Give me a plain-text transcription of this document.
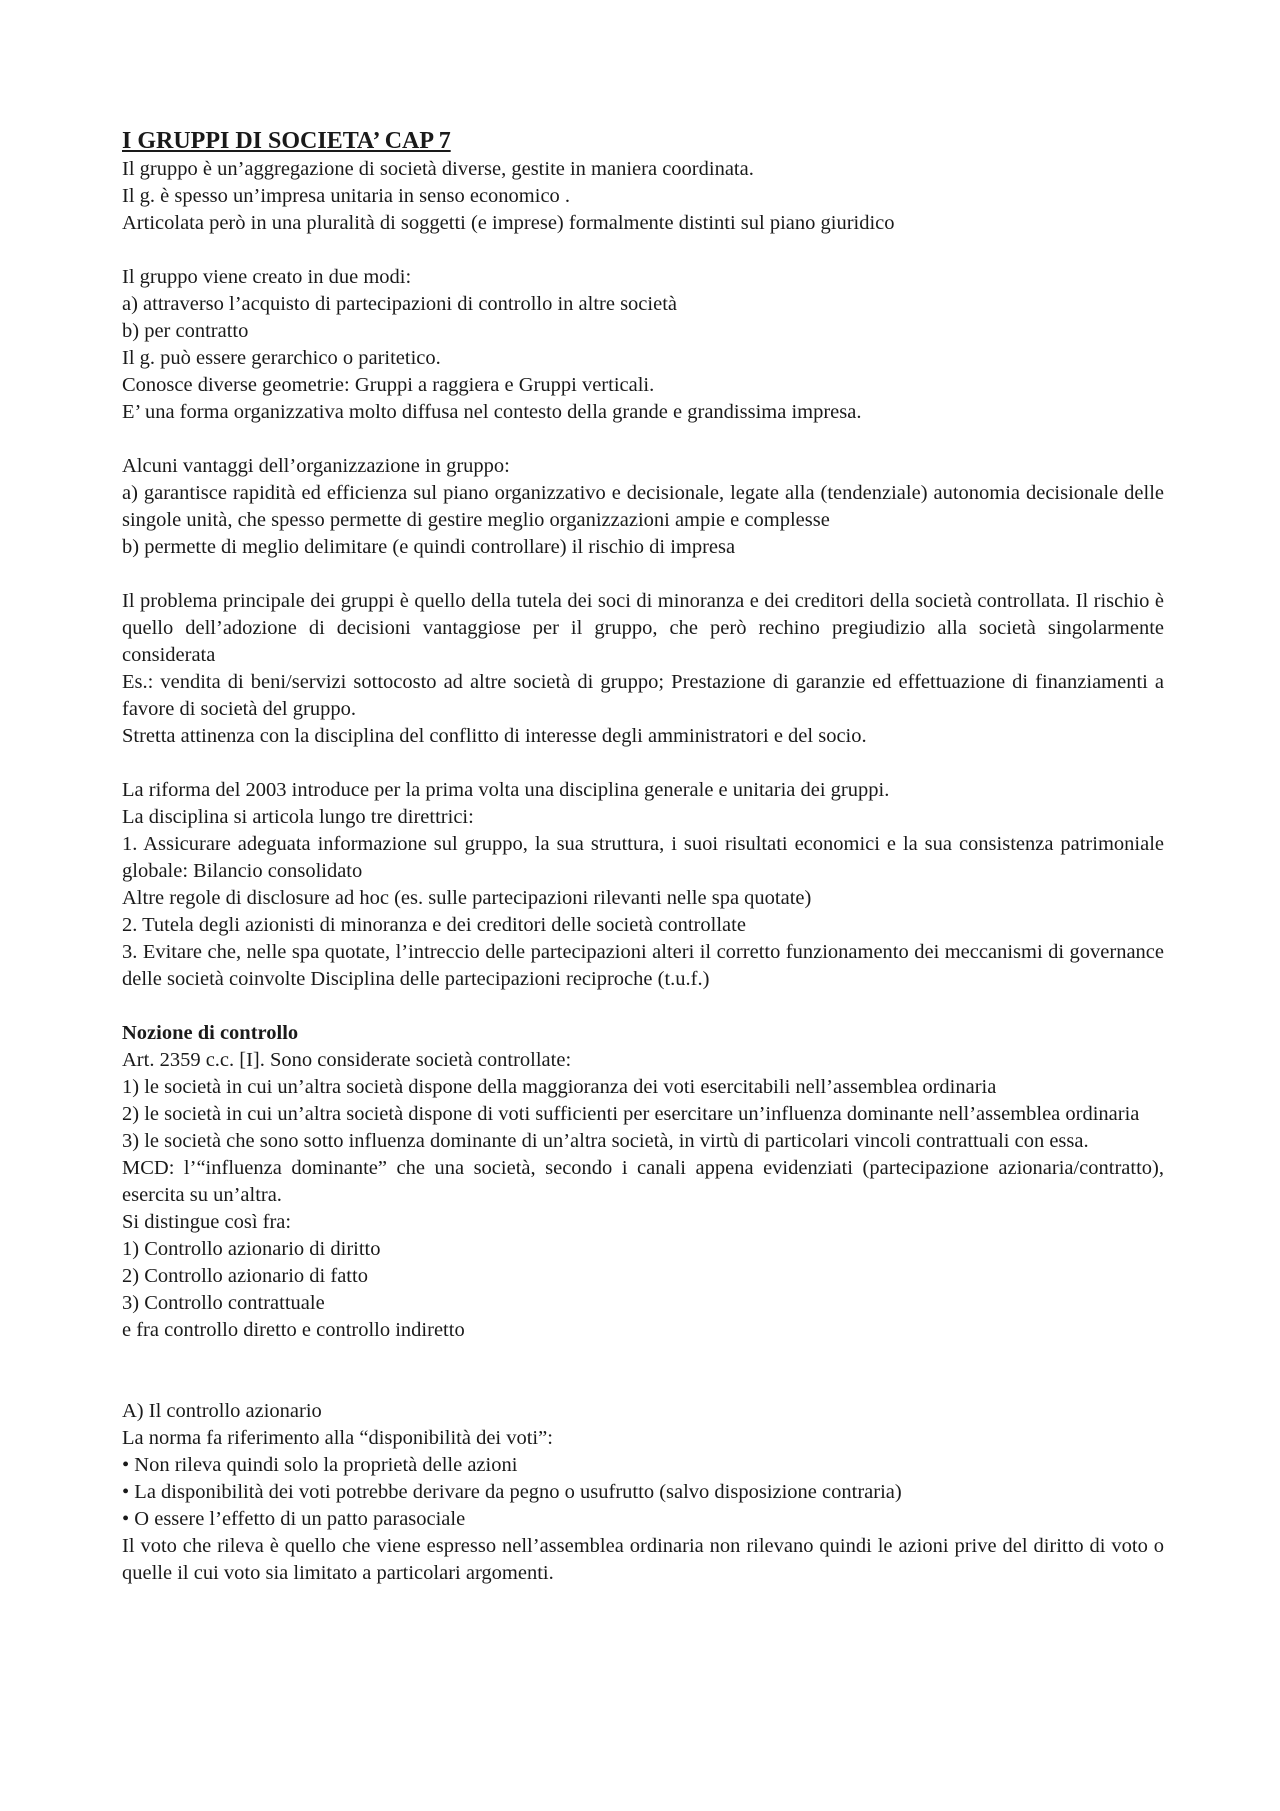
I GRUPPI DI SOCIETA’ CAP 7

Il gruppo è un’aggregazione di società diverse, gestite in maniera coordinata.

Il g. è spesso un’impresa unitaria in senso economico .

Articolata però in una pluralità di soggetti (e imprese) formalmente distinti sul piano giuridico

Il gruppo viene creato in due modi:

a) attraverso l’acquisto di partecipazioni di controllo in altre società

b) per contratto

Il g. può essere gerarchico o paritetico.

Conosce diverse geometrie: Gruppi a raggiera e Gruppi verticali.

E’ una forma organizzativa molto diffusa nel contesto della grande e grandissima impresa.

Alcuni vantaggi dell’organizzazione in gruppo:

a) garantisce rapidità ed efficienza sul piano organizzativo e decisionale, legate alla (tendenziale) autonomia decisionale delle singole unità, che spesso permette di gestire meglio organizzazioni ampie e complesse

b) permette di meglio delimitare (e quindi controllare) il rischio di impresa

Il problema principale dei gruppi è quello della tutela dei soci di minoranza e dei creditori della società controllata. Il rischio è quello dell’adozione di decisioni vantaggiose per il gruppo, che però rechino pregiudizio alla società singolarmente considerata

Es.: vendita di beni/servizi sottocosto ad altre società di gruppo; Prestazione di garanzie ed effettuazione di finanziamenti a favore di società del gruppo.

Stretta attinenza con la disciplina del conflitto di interesse degli amministratori e del socio.

La riforma del 2003 introduce per la prima volta una disciplina generale e unitaria dei gruppi.

La disciplina si articola lungo tre direttrici:

1. Assicurare adeguata informazione sul gruppo, la sua struttura, i suoi risultati economici e la sua consistenza patrimoniale globale: Bilancio consolidato

Altre regole di disclosure ad hoc (es. sulle partecipazioni rilevanti nelle spa quotate)

2. Tutela degli azionisti di minoranza e dei creditori delle società controllate

3. Evitare che, nelle spa quotate, l’intreccio delle partecipazioni alteri il corretto funzionamento dei meccanismi di governance delle società coinvolte Disciplina delle partecipazioni reciproche (t.u.f.)

Nozione di controllo

Art. 2359 c.c. [I]. Sono considerate società controllate:

1) le società in cui un’altra società dispone della maggioranza dei voti esercitabili nell’assemblea ordinaria

2) le società in cui un’altra società dispone di voti sufficienti per esercitare un’influenza dominante nell’assemblea ordinaria

3) le società che sono sotto influenza dominante di un’altra società, in virtù di particolari vincoli contrattuali con essa.

MCD: l’“influenza dominante” che una società, secondo i canali appena evidenziati (partecipazione azionaria/contratto), esercita su un’altra.

Si distingue così fra:

1) Controllo azionario di diritto

2) Controllo azionario di fatto

3) Controllo contrattuale

e fra controllo diretto e controllo indiretto

A) Il controllo azionario

La norma fa riferimento alla “disponibilità dei voti”:

• Non rileva quindi solo la proprietà delle azioni

• La disponibilità dei voti potrebbe derivare da pegno o usufrutto (salvo disposizione contraria)

• O essere l’effetto di un patto parasociale

Il voto che rileva è quello che viene espresso nell’assemblea ordinaria non rilevano quindi le azioni prive del diritto di voto o quelle il cui voto sia limitato a particolari argomenti.
